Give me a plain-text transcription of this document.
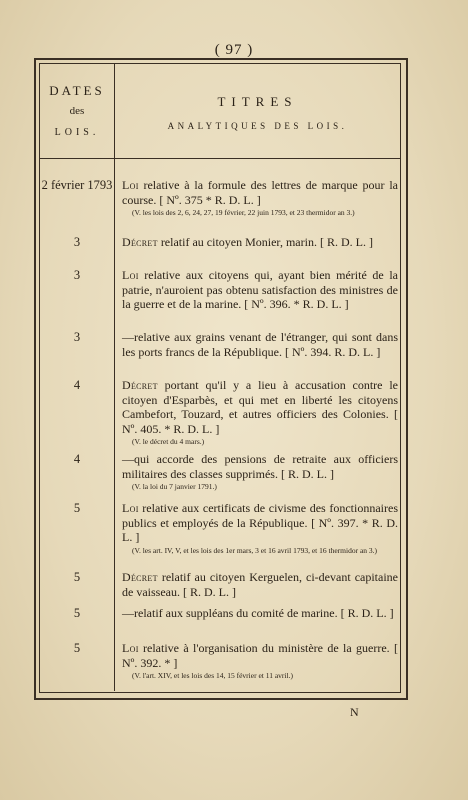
( 97 )
DATES
des
LOIS.
TITRES
ANALYTIQUES DES LOIS.
2 février 1793 Loi relative à la formule des lettres de marque pour la course. [ Nº. 375 * R. D. L. ]
(V. les lois des 2, 6, 24, 27, 19 février, 22 juin 1793, et 23 thermidor an 3.)
3	Décret relatif au citoyen Monier, marin. [ R. D. L. ]
3	Loi relative aux citoyens qui, ayant bien mérité de la patrie, n'auroient pas obtenu satisfaction des ministres de la guerre et de la marine. [ Nº. 396. * R. D. L. ]
3	—relative aux grains venant de l'étranger, qui sont dans les ports francs de la République. [ Nº. 394. R. D. L. ]
4	Décret portant qu'il y a lieu à accusation contre le citoyen d'Esparbès, et qui met en liberté les citoyens Cambefort, Touzard, et autres officiers des Colonies. [ Nº. 405. * R. D. L. ]
(V. le décret du 4 mars.)
4	—qui accorde des pensions de retraite aux officiers militaires des classes supprimés. [ R. D. L. ]
(V. la loi du 7 janvier 1791.)
5	Loi relative aux certificats de civisme des fonctionnaires publics et employés de la République. [ Nº. 397. * R. D. L. ]
(V. les art. IV, V, et les lois des 1er mars, 3 et 16 avril 1793, et 16 thermidor an 3.)
5	Décret relatif au citoyen Kerguelen, ci-devant capitaine de vaisseau. [ R. D. L. ]
5	—relatif aux suppléans du comité de marine. [ R. D. L. ]
5	Loi relative à l'organisation du ministère de la guerre. [ Nº. 392. * ]
(V. l'art. XIV, et les lois des 14, 15 février et 11 avril.)
N
